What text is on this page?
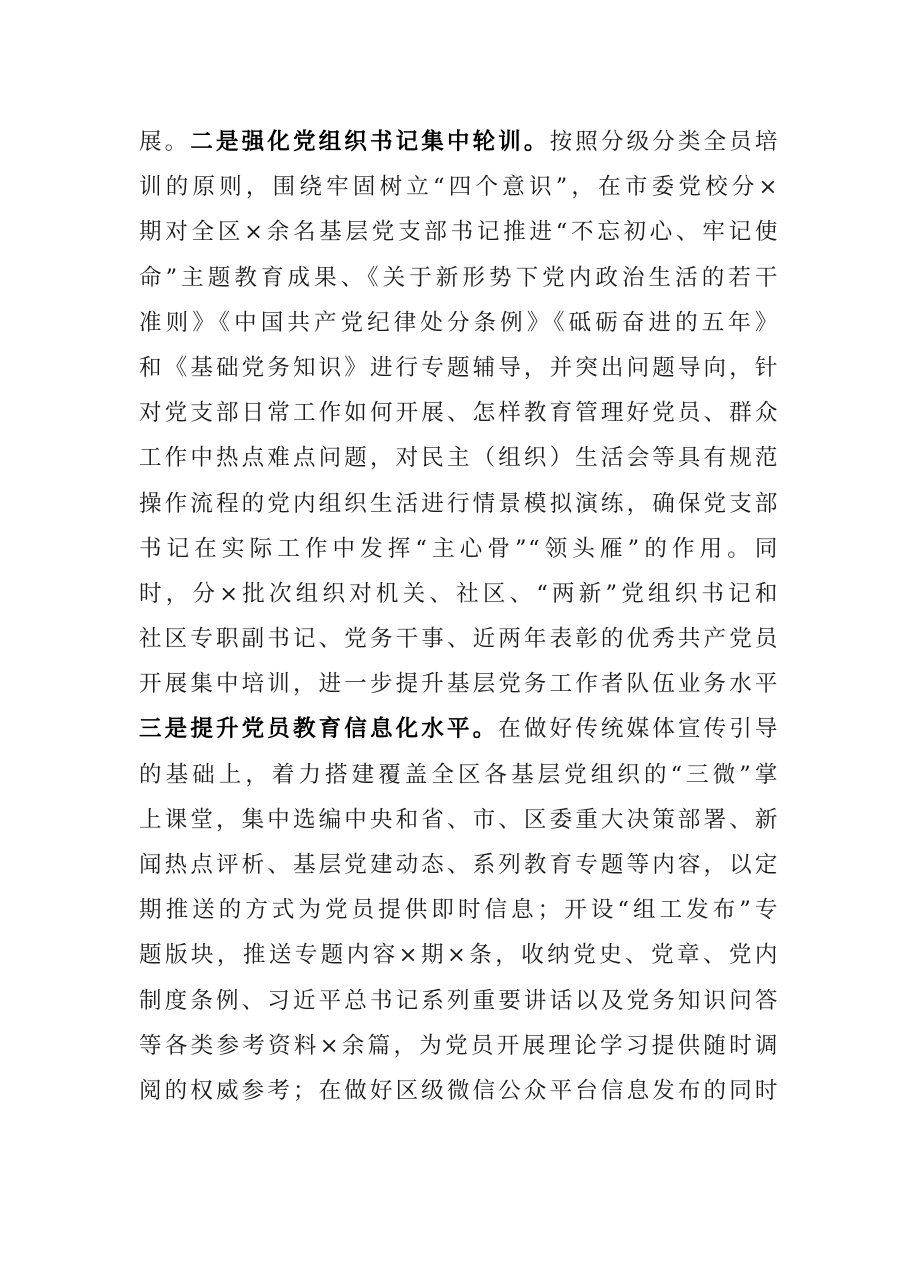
展。二是强化党组织书记集中轮训。按照分级分类全员培
训的原则，围绕牢固树立“四个意识”，在市委党校分×
期对全区×余名基层党支部书记推进“不忘初心、牢记使
命”主题教育成果、《关于新形势下党内政治生活的若干
准则》《中国共产党纪律处分条例》《砥砺奋进的五年》
和《基础党务知识》进行专题辅导，并突出问题导向，针
对党支部日常工作如何开展、怎样教育管理好党员、群众
工作中热点难点问题，对民主（组织）生活会等具有规范
操作流程的党内组织生活进行情景模拟演练，确保党支部
书记在实际工作中发挥“主心骨”“领头雁”的作用。同
时，分×批次组织对机关、社区、“两新”党组织书记和
社区专职副书记、党务干事、近两年表彰的优秀共产党员
开展集中培训，进一步提升基层党务工作者队伍业务水平
三是提升党员教育信息化水平。在做好传统媒体宣传引导
的基础上，着力搭建覆盖全区各基层党组织的“三微”掌
上课堂，集中选编中央和省、市、区委重大决策部署、新
闻热点评析、基层党建动态、系列教育专题等内容，以定
期推送的方式为党员提供即时信息；开设“组工发布”专
题版块，推送专题内容×期×条，收纳党史、党章、党内
制度条例、习近平总书记系列重要讲话以及党务知识问答
等各类参考资料×余篇，为党员开展理论学习提供随时调
阅的权威参考；在做好区级微信公众平台信息发布的同时
